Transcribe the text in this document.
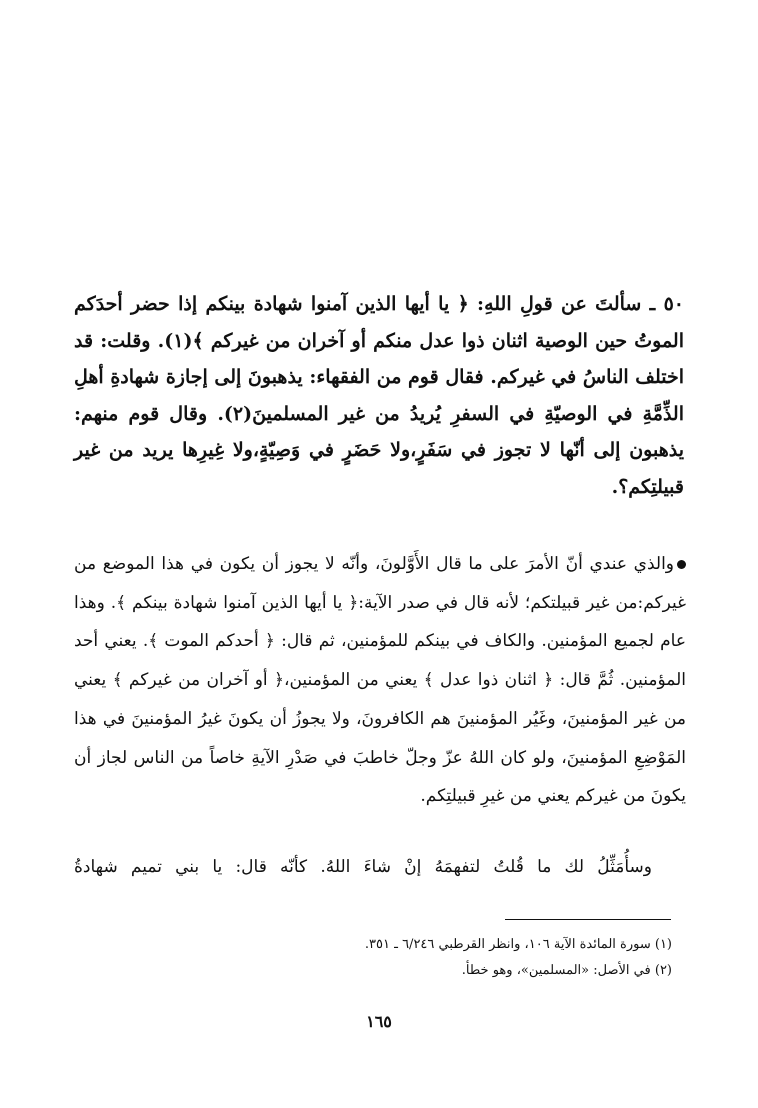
٥٠ ـ سألتَ عن قولِ اللهِ: ﴿ يا أيها الذين آمنوا شهادة بينكم إذا حضر أحدَكم الموتُ حين الوصية اثنان ذوا عدل منكم أو آخران من غيركم ﴾(١). وقلت: قد اختلف الناسُ في غيركم. فقال قوم من الفقهاء: يذهبونَ إلى إجازة شهادةِ أهلِ الذِّمَّةِ في الوصيّةِ في السفرِ يُريدُ من غير المسلمينَ(٢). وقال قوم منهم: يذهبون إلى أنّها لا تجوز في سَفَرٍ،ولا حَضَرٍ في وَصِيّةٍ،ولا غِيرِها يريد من غير قبيلتِكم؟.

والذي عندي أنّ الأمرَ على ما قال الأَوَّلونَ، وأنّه لا يجوز أن يكون في هذا الموضع من غيركم:من غير قبيلتكم؛ لأنه قال في صدر الآية:﴿ يا أيها الذين آمنوا شهادة بينكم ﴾. وهذا عام لجميع المؤمنين. والكاف في بينكم للمؤمنين، ثم قال: ﴿ أحدكم الموت ﴾. يعني أحد المؤمنين. ثُمَّ قال: ﴿ اثنان ذوا عدل ﴾ يعني من المؤمنين،﴿ أو آخران من غيركم ﴾ يعني من غير المؤمنينَ، وغَيُر المؤمنينَ هم الكافرونَ، ولا يجوزُ أن يكونَ غيرُ المؤمنينَ في هذا المَوْضِعِ المؤمنينَ، ولو كان اللهُ عزّ وجلّ خاطبَ في صَدْرِ الآيةِ خاصاً من الناس لجاز أن يكونَ من غيركم يعني من غيرِ قبيلتِكم.

وسأُمَثِّلُ لك ما قُلتُ لتفهمَهُ إنْ شاءَ اللهُ. كأنّه قال: يا بني تميم شهادةُ

(١) سورة المائدة الآية ١٠٦، وانظر القرطبي ٦/٢٤٦ ـ ٣٥١.
(٢) في الأصل: «المسلمين»، وهو خطأ.
١٦٥
